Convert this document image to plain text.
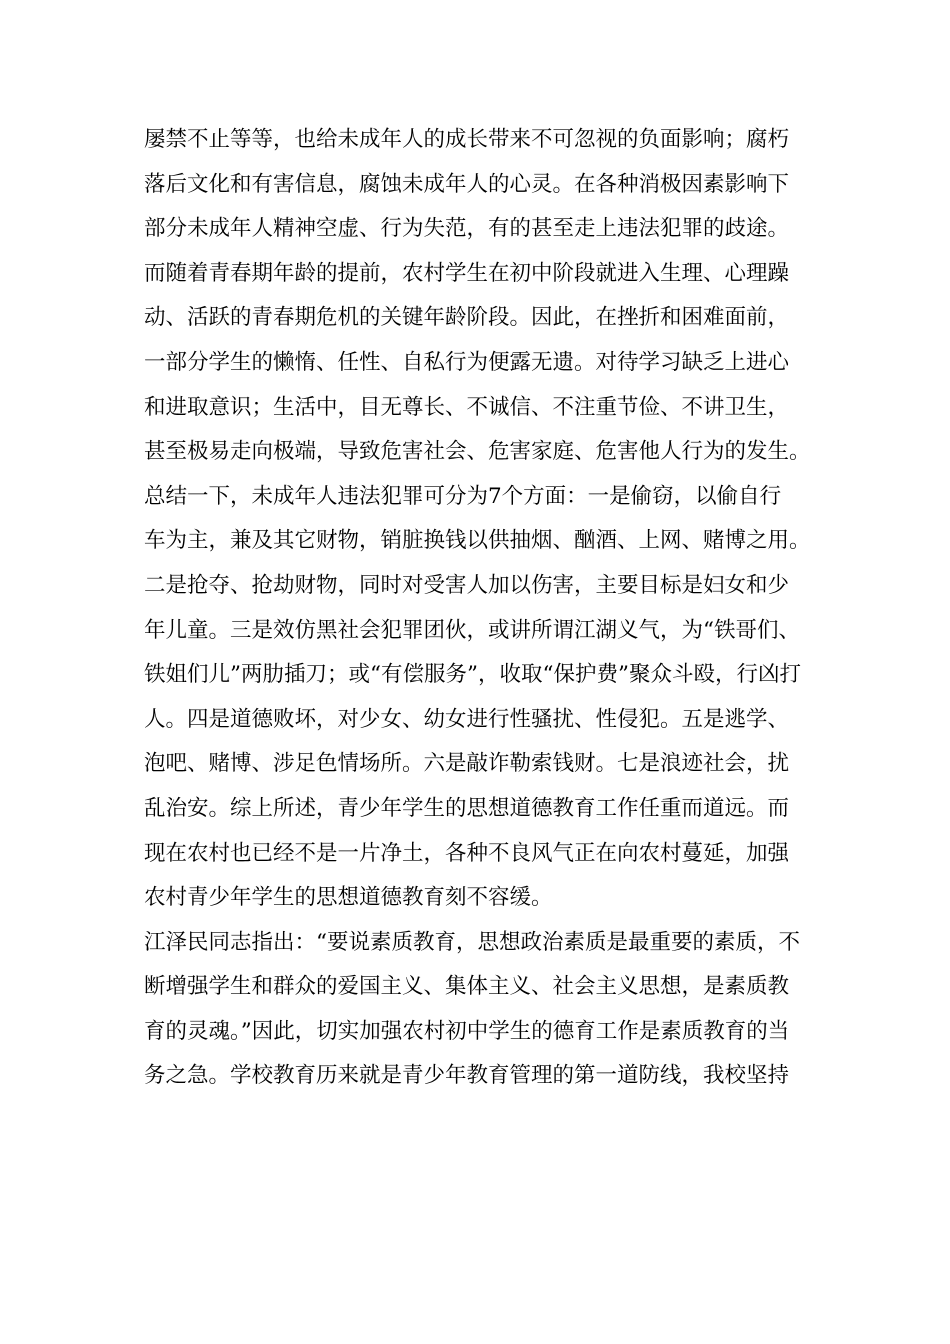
屡禁不止等等，也给未成年人的成长带来不可忽视的负面影响；腐朽
落后文化和有害信息，腐蚀未成年人的心灵。在各种消极因素影响下
部分未成年人精神空虚、行为失范，有的甚至走上违法犯罪的歧途。
而随着青春期年龄的提前，农村学生在初中阶段就进入生理、心理躁
动、活跃的青春期危机的关键年龄阶段。因此，在挫折和困难面前，
一部分学生的懒惰、任性、自私行为便露无遗。对待学习缺乏上进心
和进取意识；生活中，目无尊长、不诚信、不注重节俭、不讲卫生，
甚至极易走向极端，导致危害社会、危害家庭、危害他人行为的发生。
总结一下，未成年人违法犯罪可分为7个方面：一是偷窃，以偷自行
车为主，兼及其它财物，销脏换钱以供抽烟、酗酒、上网、赌博之用。
二是抢夺、抢劫财物，同时对受害人加以伤害，主要目标是妇女和少
年儿童。三是效仿黑社会犯罪团伙，或讲所谓江湖义气，为“铁哥们、
铁姐们儿”两肋插刀；或“有偿服务”，收取“保护费”聚众斗殴，行凶打
人。四是道德败坏，对少女、幼女进行性骚扰、性侵犯。五是逃学、
泡吧、赌博、涉足色情场所。六是敲诈勒索钱财。七是浪迹社会，扰
乱治安。综上所述，青少年学生的思想道德教育工作任重而道远。而
现在农村也已经不是一片净土，各种不良风气正在向农村蔓延，加强
农村青少年学生的思想道德教育刻不容缓。
江泽民同志指出：“要说素质教育，思想政治素质是最重要的素质，不
断增强学生和群众的爱国主义、集体主义、社会主义思想，是素质教
育的灵魂。”因此，切实加强农村初中学生的德育工作是素质教育的当
务之急。学校教育历来就是青少年教育管理的第一道防线，我校坚持
